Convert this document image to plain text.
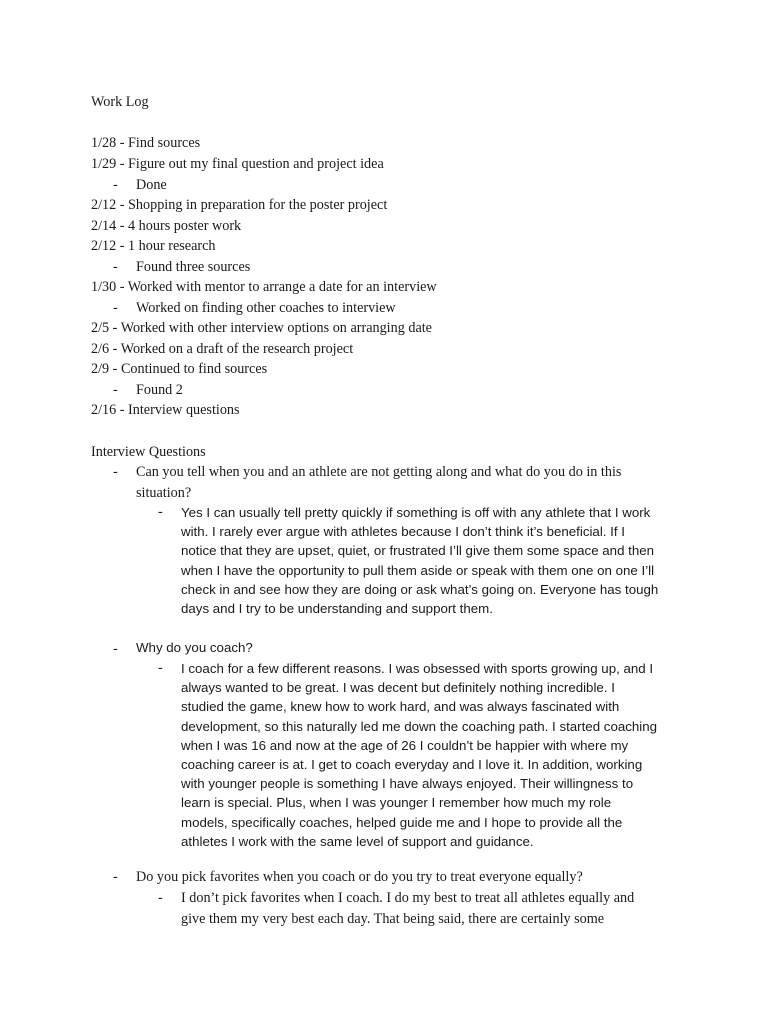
Work Log
1/28 - Find sources
1/29 - Figure out my final question and project idea
- Done
2/12 - Shopping in preparation for the poster project
2/14 - 4 hours poster work
2/12 - 1 hour research
- Found three sources
1/30 - Worked with mentor to arrange a date for an interview
- Worked on finding other coaches to interview
2/5 - Worked with other interview options on arranging date
2/6 - Worked on a draft of the research project
2/9 - Continued to find sources
- Found 2
2/16 - Interview questions
Interview Questions
- Can you tell when you and an athlete are not getting along and what do you do in this
situation?
- Yes I can usually tell pretty quickly if something is off with any athlete that I work
with. I rarely ever argue with athletes because I don’t think it’s beneficial. If I
notice that they are upset, quiet, or frustrated I’ll give them some space and then
when I have the opportunity to pull them aside or speak with them one on one I’ll
check in and see how they are doing or ask what’s going on. Everyone has tough
days and I try to be understanding and support them.
- Why do you coach?
- I coach for a few different reasons. I was obsessed with sports growing up, and I
always wanted to be great. I was decent but definitely nothing incredible. I
studied the game, knew how to work hard, and was always fascinated with
development, so this naturally led me down the coaching path. I started coaching
when I was 16 and now at the age of 26 I couldn’t be happier with where my
coaching career is at. I get to coach everyday and I love it. In addition, working
with younger people is something I have always enjoyed. Their willingness to
learn is special. Plus, when I was younger I remember how much my role
models, specifically coaches, helped guide me and I hope to provide all the
athletes I work with the same level of support and guidance.
- Do you pick favorites when you coach or do you try to treat everyone equally?
- I don’t pick favorites when I coach. I do my best to treat all athletes equally and
give them my very best each day. That being said, there are certainly some
